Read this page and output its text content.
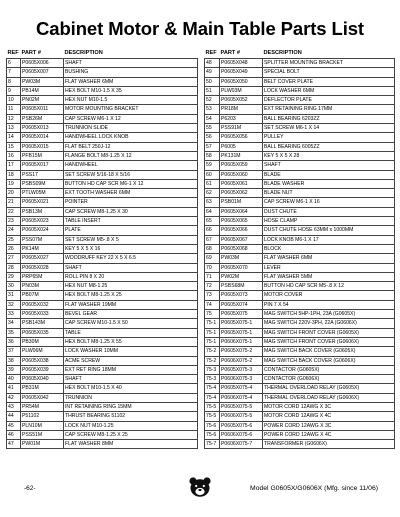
Cabinet Motor & Main Table Parts List
REF	PART #	DESCRIPTION
6	P0605X006	SHAFT
7	P0605X007	BUSHING
8	PW03M	FLAT WASHER 6MM
9	PB14M	HEX BOLT M10-1.5 X 35
10	PN02M	HEX NUT M10-1.5
11	P0605X011	MOTOR MOUNTING BRACKET
12	PSB26M	CAP SCREW M6-1 X 12
13	P0605X013	TRUNNION SLIDE
14	P0605X014	HANDWHEEL LOCK KNOB
15	P0605X015	FLAT BELT 250J-12
16	PFB15M	FLANGE BOLT M8-1.25 X 12
17	P0605X017	HANDWHEEL
18	PSS17	SET SCREW 5/16-18 X 5/16
19	PSBS09M	BUTTON HD CAP SCR M6-1 X 12
20	PTLW05M	EXT TOOTH WASHER 6MM
21	P0605X021	POINTER
22	PSB13M	CAP SCREW M8-1.25 X 30
23	P0605X023	TABLE INSERT
24	P0605X024	PLATE
25	PSS07M	SET SCREW M5-.8 X 5
26	PK14M	KEY 5 X 5 X 16
27	P0605X027	WOODRUFF KEY 22 X 5 X 6.5
28	P0605X028	SHAFT
29	PRP65M	ROLL PIN 8 X 20
30	PN03M	HEX NUT M8-1.25
31	PB07M	HEX BOLT M8-1.25 X 25
32	P0605X032	FLAT WASHER 19MM
33	P0605X033	BEVEL GEAR
34	PSB143M	CAP SCREW M10-1.5 X 50
35	P0605X035	TABLE
36	PB30M	HEX BOLT M8-1.25 X 55
37	PLW06M	LOCK WASHER 10MM
38	P0605X038	ACME SCREW
39	P0605X039	EXT RET RING 18MM
40	P0605X040	SHAFT
41	PB31M	HEX BOLT M10-1.5 X 40
42	P0605X042	TRUNNION
43	PR54M	INT RETAINING RING 15MM
44	P51102	THRUST BEARING 51102
45	PLN10M	LOCK NUT M10-1.25
46	PSS51M	CAP SCREW M8-1.25 X 25
47	PW01M	FLAT WASHER 8MM
REF	PART #	DESCRIPTION
48	P0605X048	SPLITTER MOUNTING BRACKET
49	P0605X049	SPECIAL BOLT
50	P0605X050	BELT COVER PLATE
51	PLW03M	LOCK WASHER 6MM
52	P0605X052	DEFLECTOR PLATE
53	PR18M	EXT RETAINING RING 17MM
54	P6203	BALL BEARING 6203ZZ
55	PSS91M	SET SCREW M6-1 X 14
56	P0605X056	PULLEY
57	P6005	BALL BEARING 6005ZZ
58	PK131M	KEY 5 X 5 X 28
59	P0605X059	SHAFT
60	P0605X060	BLADE
61	P0605X061	BLADE WASHER
62	P0605X062	BLADE NUT
63	PSB01M	CAP SCREW M6-1 X 16
64	P0605X064	DUST CHUTE
65	P0605X065	HOSE CLAMP
66	P0605X066	DUST CHUTE HOSE 63MM x 1000MM
67	P0605X067	LOCK KNOB M6-1 X 17
68	P0605X068	BLOCK
69	PW03M	FLAT WASHER 6MM
70	P0605X070	LEVER
71	PW02M	FLAT WASHER 5MM
72	PSBS68M	BUTTON HD CAP SCR M5-.8 X 12
73	P0605X073	MOTOR COVER
74	P0605X074	PIN 7 X 54
75	P0605X075	MAG SWITCH 5HP-1PH, 23A (G0605X)
75-1	P0605X075-1	MAG SWITCH 220V-3PH, 22A (G0606X)
75-1	P0605X075-1	MAG SWITCH FRONT COVER (G0605X)
75-1	P0606X075-1	MAG SWITCH FRONT COVER (G0606X)
75-2	P0605X075-2	MAG SWITCH BACK COVER (G0605X)
75-2	P0606X075-2	MAG SWITCH BACK COVER (G0606X)
75-3	P0605X075-3	CONTACTOR (G0605X)
75-3	P0606X075-3	CONTACTOR (G0606X)
75-4	P0605X075-4	THERMAL OVERLOAD RELAY (G0605X)
75-4	P0606X075-4	THERMAL OVERLOAD RELAY (G0606X)
75-5	P0605X075-5	MOTOR CORD 12AWG X 3C
75-5	P0606X075-5	MOTOR CORD 12AWG X 4C
75-6	P0605X075-6	POWER CORD 12AWG X 3C
75-6	P0606X075-6	POWER CORD 12AWG X 4C
75-7	P0606X075-7	TRANSFORMER (G0606X)
-62-	Model G0605X/G0606X (Mfg. since 11/06)
